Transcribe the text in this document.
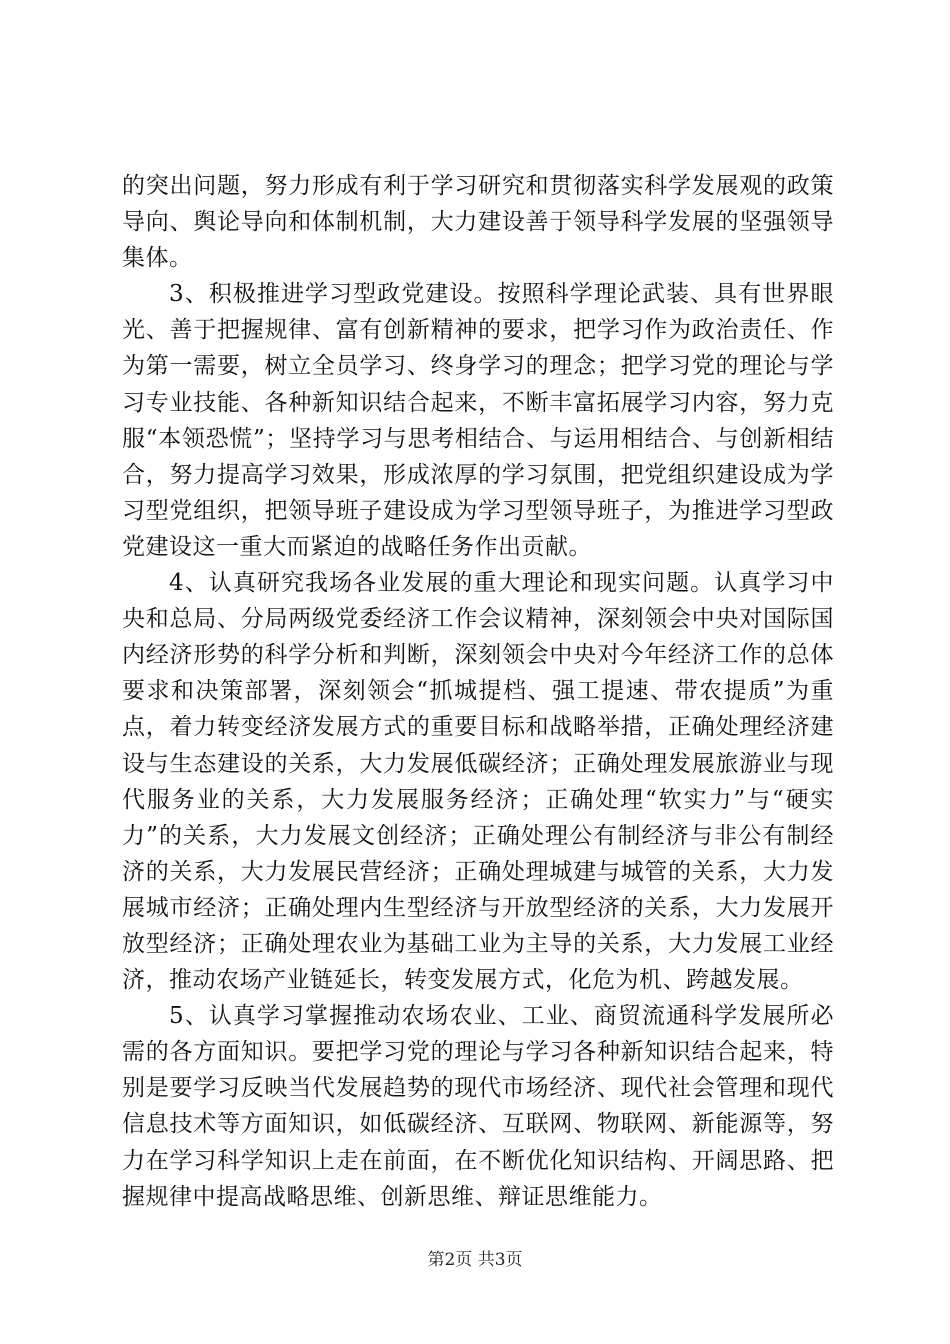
的突出问题，努力形成有利于学习研究和贯彻落实科学发展观的政策导向、舆论导向和体制机制，大力建设善于领导科学发展的坚强领导集体。

3、积极推进学习型政党建设。按照科学理论武装、具有世界眼光、善于把握规律、富有创新精神的要求，把学习作为政治责任、作为第一需要，树立全员学习、终身学习的理念；把学习党的理论与学习专业技能、各种新知识结合起来，不断丰富拓展学习内容，努力克服“本领恐慌”；坚持学习与思考相结合、与运用相结合、与创新相结合，努力提高学习效果，形成浓厚的学习氛围，把党组织建设成为学习型党组织，把领导班子建设成为学习型领导班子，为推进学习型政党建设这一重大而紧迫的战略任务作出贡献。

4、认真研究我场各业发展的重大理论和现实问题。认真学习中央和总局、分局两级党委经济工作会议精神，深刻领会中央对国际国内经济形势的科学分析和判断，深刻领会中央对今年经济工作的总体要求和决策部署，深刻领会“抓城提档、强工提速、带农提质”为重点，着力转变经济发展方式的重要目标和战略举措，正确处理经济建设与生态建设的关系，大力发展低碳经济；正确处理发展旅游业与现代服务业的关系，大力发展服务经济；正确处理“软实力”与“硬实力”的关系，大力发展文创经济；正确处理公有制经济与非公有制经济的关系，大力发展民营经济；正确处理城建与城管的关系，大力发展城市经济；正确处理内生型经济与开放型经济的关系，大力发展开放型经济；正确处理农业为基础工业为主导的关系，大力发展工业经济，推动农场产业链延长，转变发展方式，化危为机、跨越发展。

5、认真学习掌握推动农场农业、工业、商贸流通科学发展所必需的各方面知识。要把学习党的理论与学习各种新知识结合起来，特别是要学习反映当代发展趋势的现代市场经济、现代社会管理和现代信息技术等方面知识，如低碳经济、互联网、物联网、新能源等，努力在学习科学知识上走在前面，在不断优化知识结构、开阔思路、把握规律中提高战略思维、创新思维、辩证思维能力。

第2页 共3页
